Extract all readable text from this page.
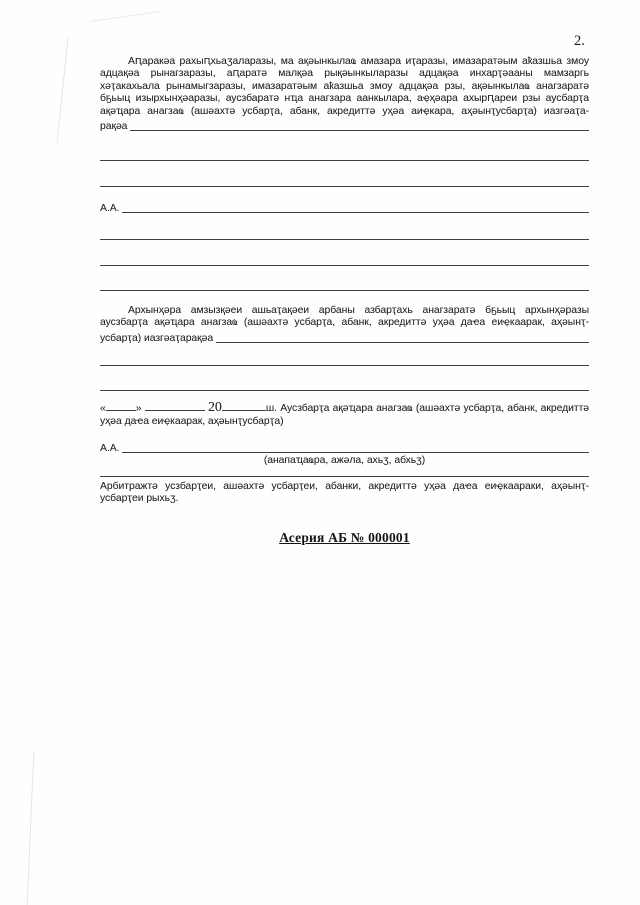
2.
Аԥаракәа рахыԥхьаӡаларазы, ма ақәынкылаҩ амазара иҭаразы, имазаратәым аҟазшьа змоу адцақәа рынагзаразы, аԥаратә малқәа рықәынкыларазы адцақәа инхарҭәааны мамзаргь хәҭакахьала рынамыгзаразы, имазаратәым аҟазшьа змоу адцақәа рзы, ақәынкылаҩ анагзаратә бҕьыц изырхынҳәаразы, аусзбаратә нҵа анагзара аанкылара, аҿҳәара ахырԥареи рзы аусбарҭа ақәҵара анагзаҩ (ашәахтә усбарҭа, абанк, акредиттә уҳәа аиҿкара, аҳәынҭусбарҭа) иазгәаҭа-
рақәа
А.А.
Архынҳәра амзызқәеи ашьаҭақәеи арбаны азбарҭахь анагзаратә бҕьыц архынҳәразы аусзбарҭа ақәҵара анагзаҩ (ашәахтә усбарҭа, абанк, акредиттә уҳәа даҽа еиҿкаарак, аҳәынҭ-
усбарҭа) иазгәаҭарақәа
«	»	20	ш. Аусзбарҭа ақәҵара анагзаҩ (ашәахтә усбарҭа, абанк, акредиттә уҳәа даҽа еиҿкаарак, аҳәынҭусбарҭа)
А.А.
(анапаҵаҩра, ажәла, ахьӡ, абхьӡ)
Арбитражтә усзбарҭеи, ашәахтә усбарҭеи, абанки, акредиттә уҳәа даҽа еиҿкаараки, аҳәынҭ-усбарҭеи рыхьӡ.
Асерия АБ № 000001
